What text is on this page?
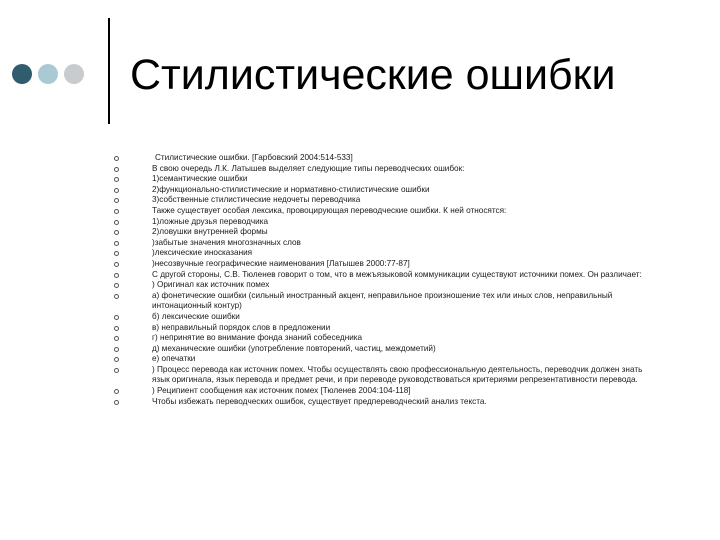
Стилистические ошибки
Стилистические ошибки. [Гарбовский 2004:514-533]
В свою очередь Л.К. Латышев выделяет следующие типы переводческих ошибок:
1)семантические ошибки
2)функционально-стилистические и нормативно-стилистические ошибки
3)собственные стилистические недочеты переводчика
Также существует особая лексика, провоцирующая переводческие ошибки. К ней относятся:
1)ложные друзья переводчика
2)ловушки внутренней формы
)забытые значения многозначных слов
)лексические иносказания
)несозвучные географические наименования [Латышев 2000:77-87]
С другой стороны, С.В. Тюленев говорит о том, что в межъязыковой коммуникации существуют источники помех. Он различает:
) Оригинал как источник помех
а) фонетические ошибки (сильный иностранный акцент, неправильное произношение тех или иных слов, неправильный интонационный контур)
б) лексические ошибки
в) неправильный порядок слов в предложении
г) непринятие во внимание фонда знаний собеседника
д) механические ошибки (употребление повторений, частиц, междометий)
е) опечатки
) Процесс перевода как источник помех. Чтобы осуществлять свою профессиональную деятельность, переводчик должен знать язык оригинала, язык перевода и предмет речи, и при переводе руководствоваться критериями репрезентативности перевода.
) Реципиент сообщения как источник помех [Тюленев 2004:104-118]
Чтобы избежать переводческих ошибок, существует предпереводческий анализ текста.
